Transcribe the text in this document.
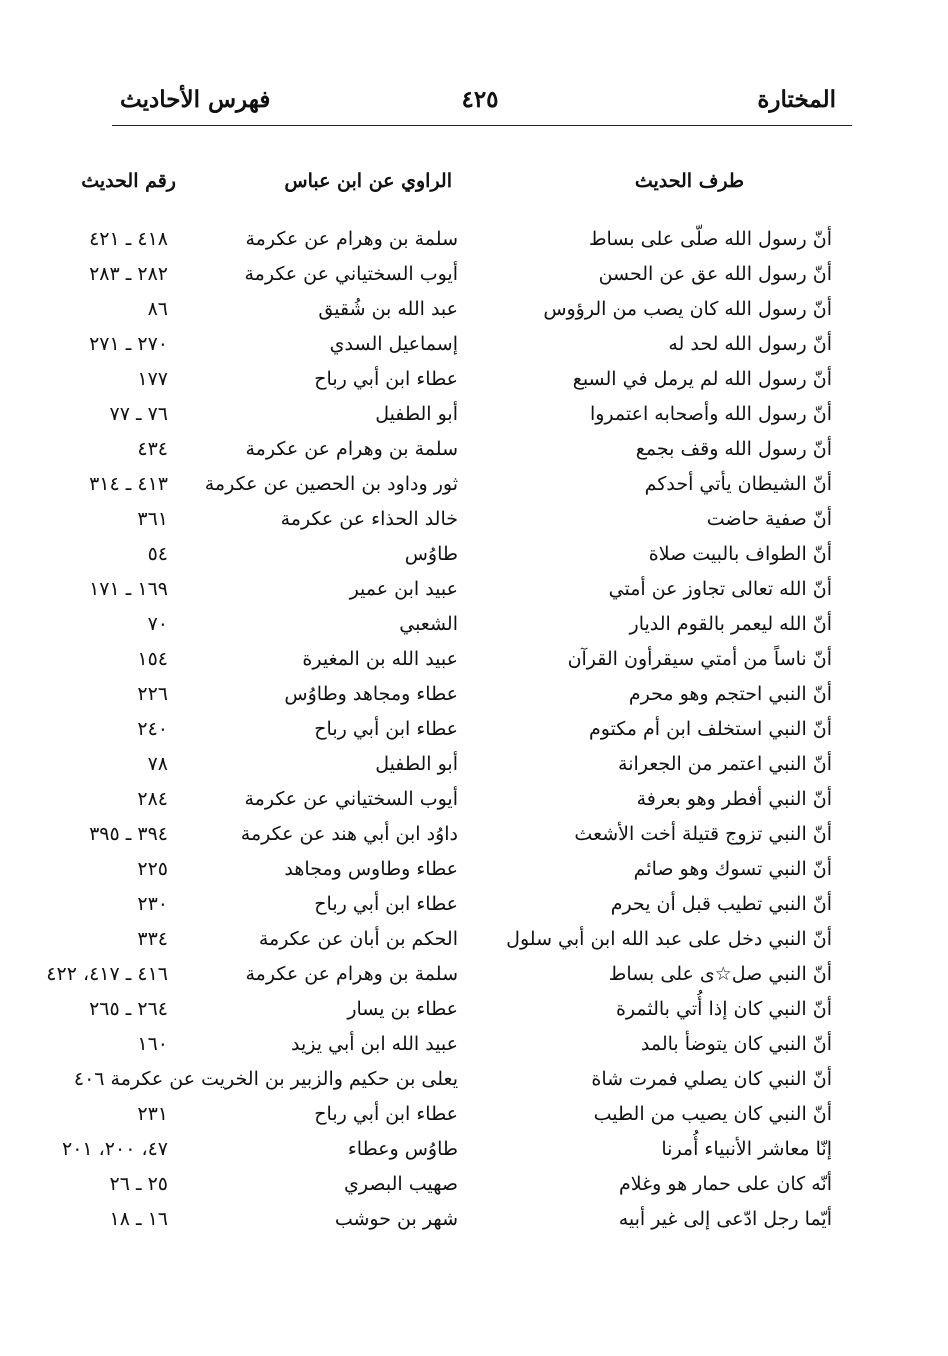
المختارة
٤٢٥
فهرس الأحاديث
طرف الحديث
الراوي عن ابن عباس
رقم الحديث
أنّ رسول الله صلّى على بساط
سلمة بن وهرام عن عكرمة
٤١٨ ـ ٤٢١
أنّ رسول الله عق عن الحسن
أيوب السختياني عن عكرمة
٢٨٢ ـ ٢٨٣
أنّ رسول الله كان يصب من الرؤوس
عبد الله بن شُقيق
٨٦
أنّ رسول الله لحد له
إسماعيل السدي
٢٧٠ ـ ٢٧١
أنّ رسول الله لم يرمل في السبع
عطاء ابن أبي رباح
١٧٧
أنّ رسول الله وأصحابه اعتمروا
أبو الطفيل
٧٦ ـ ٧٧
أنّ رسول الله وقف بجمع
سلمة بن وهرام عن عكرمة
٤٣٤
أنّ الشيطان يأتي أحدكم
ثور وداود بن الحصين عن عكرمة
٤١٣ ـ ٣١٤
أنّ صفية حاضت
خالد الحذاء عن عكرمة
٣٦١
أنّ الطواف بالبيت صلاة
طاوُس
٥٤
أنّ الله تعالى تجاوز عن أمتي
عبيد ابن عمير
١٦٩ ـ ١٧١
أنّ الله ليعمر بالقوم الديار
الشعبي
٧٠
أنّ ناساً من أمتي سيقرأون القرآن
عبيد الله بن المغيرة
١٥٤
أنّ النبي احتجم وهو محرم
عطاء ومجاهد وطاوُس
٢٢٦
أنّ النبي استخلف ابن أم مكتوم
عطاء ابن أبي رباح
٢٤٠
أنّ النبي اعتمر من الجعرانة
أبو الطفيل
٧٨
أنّ النبي أفطر وهو بعرفة
أيوب السختياني عن عكرمة
٢٨٤
أنّ النبي تزوج قتيلة أخت الأشعث
داوُد ابن أبي هند عن عكرمة
٣٩٤ ـ ٣٩٥
أنّ النبي تسوك وهو صائم
عطاء وطاوس ومجاهد
٢٢٥
أنّ النبي تطيب قبل أن يحرم
عطاء ابن أبي رباح
٢٣٠
أنّ النبي دخل على عبد الله ابن أبي سلول
الحكم بن أبان عن عكرمة
٣٣٤
أنّ النبي صل☆ى على بساط
سلمة بن وهرام عن عكرمة
٤١٦ ـ ٤١٧، ٤٢٢
أنّ النبي كان إذا أُتي بالثمرة
عطاء بن يسار
٢٦٤ ـ ٢٦٥
أنّ النبي كان يتوضأ بالمد
عبيد الله ابن أبي يزيد
١٦٠
أنّ النبي كان يصلي فمرت شاة
يعلى بن حكيم والزبير بن الخريت عن عكرمة ٤٠٦
أنّ النبي كان يصيب من الطيب
عطاء ابن أبي رباح
٢٣١
إنّا معاشر الأنبياء أُمرنا
طاوُس وعطاء
٤٧، ٢٠٠، ٢٠١
أنّه كان على حمار هو وغلام
صهيب البصري
٢٥ ـ ٢٦
أيّما رجل ادّعى إلى غير أبيه
شهر بن حوشب
١٦ ـ ١٨
